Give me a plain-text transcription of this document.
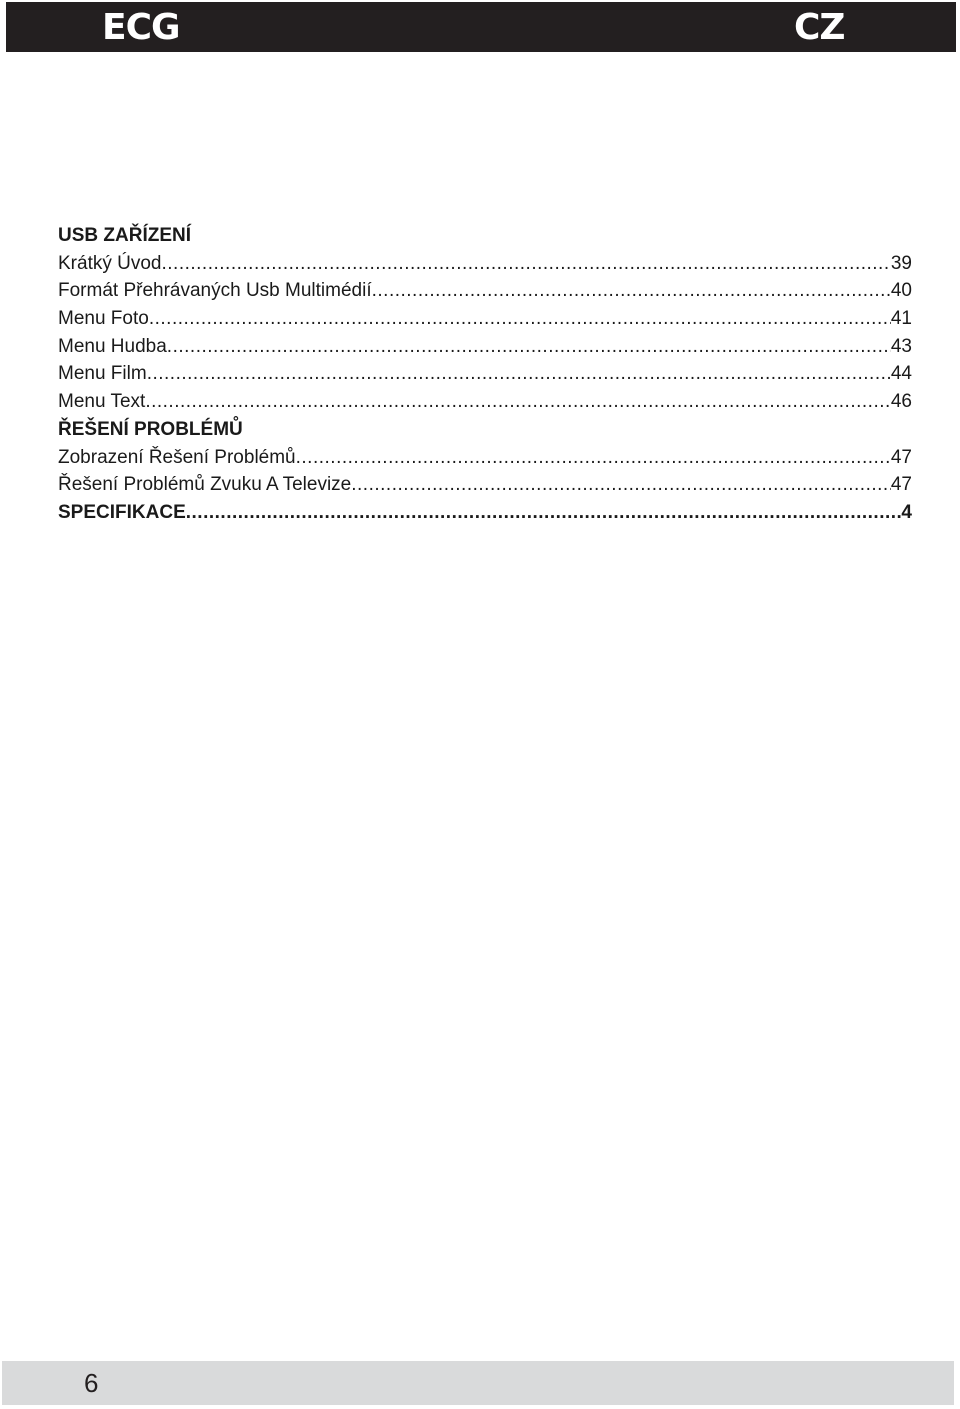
ECG	CZ
USB ZAŘÍZENÍ
Krátký Úvod .....	39
Formát Přehrávaných Usb Multimédií .....	40
Menu Foto .....	41
Menu Hudba .....	43
Menu Film .....	44
Menu Text .....	46
ŘEŠENÍ PROBLÉMŮ
Zobrazení Řešení Problémů .....	47
Řešení Problémů Zvuku A Televize .....	47
SPECIFIKACE .....	4
6
